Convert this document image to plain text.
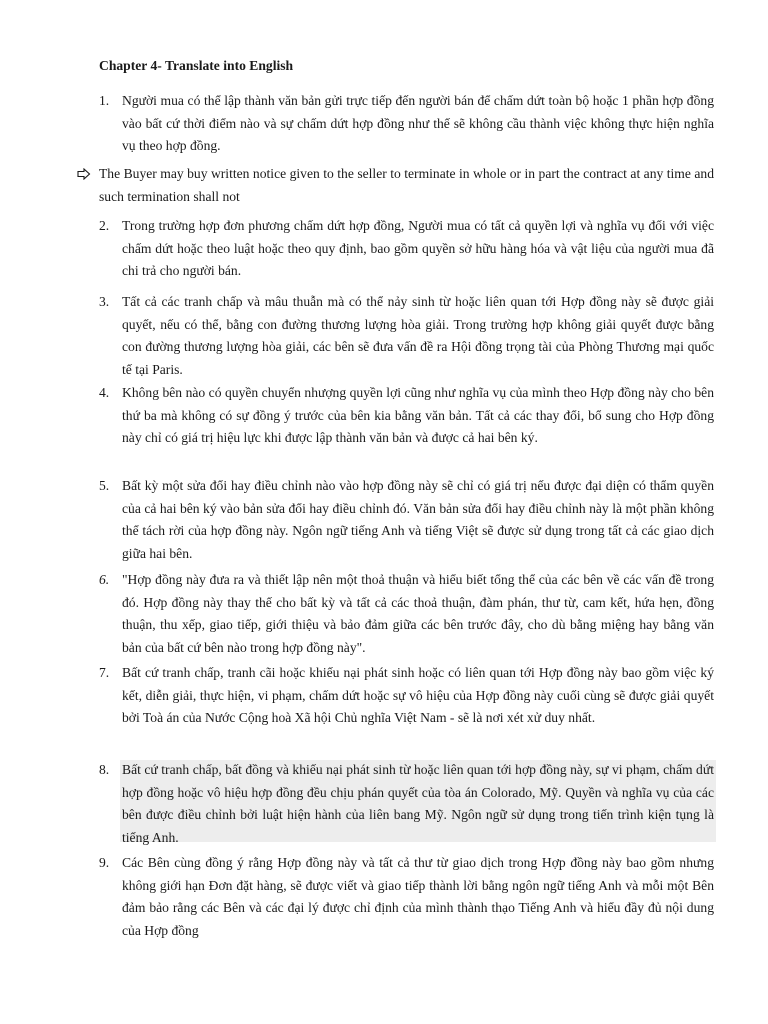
Chapter 4- Translate into English
1. Người mua có thể lập thành văn bản gửi trực tiếp đến người bán để chấm dứt toàn bộ hoặc 1 phần hợp đồng vào bất cứ thời điểm nào và sự chấm dứt hợp đồng như thế sẽ không cầu thành việc không thực hiện nghĩa vụ theo hợp đồng.
The Buyer may buy written notice given to the seller to terminate in whole or in part the contract at any time and such termination shall not
2. Trong trường hợp đơn phương chấm dứt hợp đồng, Người mua có tất cả quyền lợi và nghĩa vụ đối với việc chấm dứt hoặc theo luật hoặc theo quy định, bao gồm quyền sở hữu hàng hóa và vật liệu của người mua đã chi trả cho người bán.
3. Tất cả các tranh chấp và mâu thuẫn mà có thể nảy sinh từ hoặc liên quan tới Hợp đồng này sẽ được giải quyết, nếu có thể, bằng con đường thương lượng hòa giải. Trong trường hợp không giải quyết được bằng con đường thương lượng hòa giải, các bên sẽ đưa vấn đề ra Hội đồng trọng tài của Phòng Thương mại quốc tế tại Paris.
4. Không bên nào có quyền chuyển nhượng quyền lợi cũng như nghĩa vụ của mình theo Hợp đồng này cho bên thứ ba mà không có sự đồng ý trước của bên kia bằng văn bản. Tất cả các thay đổi, bổ sung cho Hợp đồng này chỉ có giá trị hiệu lực khi được lập thành văn bản và được cả hai bên ký.
5. Bất kỳ một sửa đổi hay điều chỉnh nào vào hợp đồng này sẽ chỉ có giá trị nếu được đại diện có thẩm quyền của cả hai bên ký vào bản sửa đổi hay điều chỉnh đó. Văn bản sửa đổi hay điều chỉnh này là một phần không thể tách rời của hợp đồng này. Ngôn ngữ tiếng Anh và tiếng Việt sẽ được sử dụng trong tất cả các giao dịch giữa hai bên.
6. "Hợp đồng này đưa ra và thiết lập nên một thoả thuận và hiểu biết tổng thể của các bên về các vấn đề trong đó. Hợp đồng này thay thế cho bất kỳ và tất cả các thoả thuận, đàm phán, thư từ, cam kết, hứa hẹn, đồng thuận, thu xếp, giao tiếp, giới thiệu và bảo đảm giữa các bên trước đây, cho dù bằng miệng hay bằng văn bản của bất cứ bên nào trong hợp đồng này".
7. Bất cứ tranh chấp, tranh cãi hoặc khiếu nại phát sinh hoặc có liên quan tới Hợp đồng này bao gồm việc ký kết, diễn giải, thực hiện, vi phạm, chấm dứt hoặc sự vô hiệu của Hợp đồng này cuối cùng sẽ được giải quyết bởi Toà án của Nước Cộng hoà Xã hội Chủ nghĩa Việt Nam - sẽ là nơi xét xử duy nhất.
8. Bất cứ tranh chấp, bất đồng và khiếu nại phát sinh từ hoặc liên quan tới hợp đồng này, sự vi phạm, chấm dứt hợp đồng hoặc vô hiệu hợp đồng đều chịu phán quyết của tòa án Colorado, Mỹ. Quyền và nghĩa vụ của các bên được điều chỉnh bởi luật hiện hành của liên bang Mỹ. Ngôn ngữ sử dụng trong tiến trình kiện tụng là tiếng Anh.
9. Các Bên cùng đồng ý rằng Hợp đồng này và tất cả thư từ giao dịch trong Hợp đồng này bao gồm nhưng không giới hạn Đơn đặt hàng, sẽ được viết và giao tiếp thành lời bằng ngôn ngữ tiếng Anh và mỗi một Bên đảm bảo rằng các Bên và các đại lý được chỉ định của mình thành thạo Tiếng Anh và hiểu đầy đủ nội dung của Hợp đồng
